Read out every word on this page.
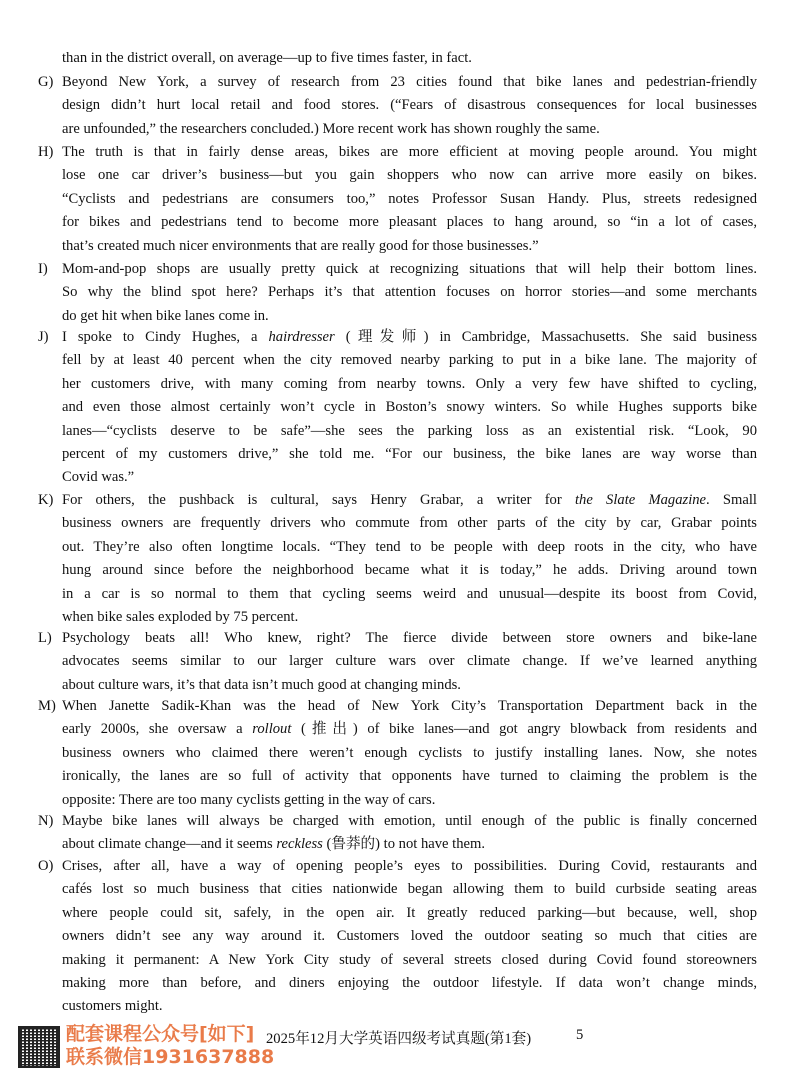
than in the district overall, on average—up to five times faster, in fact.
G) Beyond New York, a survey of research from 23 cities found that bike lanes and pedestrian-friendly
design didn’t hurt local retail and food stores. (“Fears of disastrous consequences for local businesses
are unfounded,” the researchers concluded.) More recent work has shown roughly the same.
H) The truth is that in fairly dense areas, bikes are more efficient at moving people around. You might
lose one car driver’s business—but you gain shoppers who now can arrive more easily on bikes.
“Cyclists and pedestrians are consumers too,” notes Professor Susan Handy. Plus, streets redesigned
for bikes and pedestrians tend to become more pleasant places to hang around, so “in a lot of cases,
that’s created much nicer environments that are really good for those businesses.”
I) Mom-and-pop shops are usually pretty quick at recognizing situations that will help their bottom lines.
So why the blind spot here? Perhaps it’s that attention focuses on horror stories—and some merchants
do get hit when bike lanes come in.
J) I spoke to Cindy Hughes, a hairdresser (理发师) in Cambridge, Massachusetts. She said business
fell by at least 40 percent when the city removed nearby parking to put in a bike lane. The majority of
her customers drive, with many coming from nearby towns. Only a very few have shifted to cycling,
and even those almost certainly won’t cycle in Boston’s snowy winters. So while Hughes supports bike
lanes—“cyclists deserve to be safe”—she sees the parking loss as an existential risk. “Look, 90
percent of my customers drive,” she told me. “For our business, the bike lanes are way worse than
Covid was.”
K) For others, the pushback is cultural, says Henry Grabar, a writer for the Slate Magazine. Small
business owners are frequently drivers who commute from other parts of the city by car, Grabar points
out. They’re also often longtime locals. “They tend to be people with deep roots in the city, who have
hung around since before the neighborhood became what it is today,” he adds. Driving around town
in a car is so normal to them that cycling seems weird and unusual—despite its boost from Covid,
when bike sales exploded by 75 percent.
L) Psychology beats all! Who knew, right? The fierce divide between store owners and bike-lane
advocates seems similar to our larger culture wars over climate change. If we’ve learned anything
about culture wars, it’s that data isn’t much good at changing minds.
M) When Janette Sadik-Khan was the head of New York City’s Transportation Department back in the
early 2000s, she oversaw a rollout (推出) of bike lanes—and got angry blowback from residents and
business owners who claimed there weren’t enough cyclists to justify installing lanes. Now, she notes
ironically, the lanes are so full of activity that opponents have turned to claiming the problem is the
opposite: There are too many cyclists getting in the way of cars.
N) Maybe bike lanes will always be charged with emotion, until enough of the public is finally concerned
about climate change—and it seems reckless (鲁莽的) to not have them.
O) Crises, after all, have a way of opening people’s eyes to possibilities. During Covid, restaurants and
cafés lost so much business that cities nationwide began allowing them to build curbside seating areas
where people could sit, safely, in the open air. It greatly reduced parking—but because, well, shop
owners didn’t see any way around it. Customers loved the outdoor seating so much that cities are
making it permanent: A New York City study of several streets closed during Covid found storeowners
making more than before, and diners enjoying the outdoor lifestyle. If data won’t change minds,
customers might.
配套课程公众号[如下]
联系微信1931637888
2025年12月大学英语四级考试真题(第1套)	5
